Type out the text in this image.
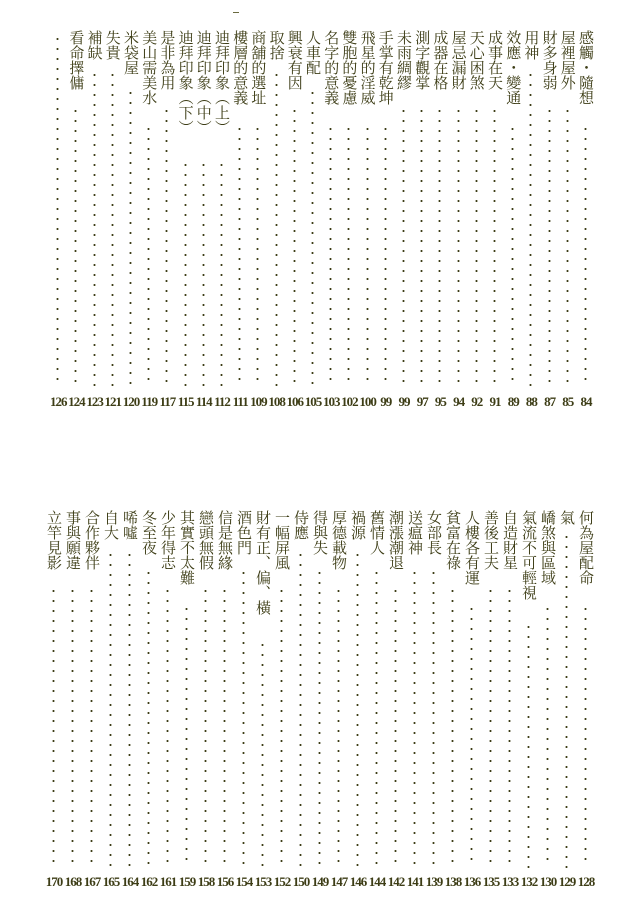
感觸・隨想
84
屋裡屋外
85
財多身弱
87
用神
88
效應・變通
89
成事在天
91
天心困煞
92
屋忌漏財
94
成器在格
95
測字觀掌
97
未雨綢繆
99
手掌有乾坤
99
飛星的淫威
100
雙胞的憂慮
102
名字的意義
103
人車配
105
興衰有因
106
取捨
108
商舖的選址
109
樓層的意義
111
迪拜印象（上）
112
迪拜印象（中）
114
迪拜印象（下）
115
是非為用
117
美山需美水
119
米袋屋
120
失貴
121
補缺
123
看命擇傭
124
126
何為屋配命
128
氣
129
嶠煞與區域
130
氣流不可輕視
132
自造財星
133
善後工夫
135
人樓各有運
136
貧富在祿
138
女部長
139
送瘟神
141
潮漲潮退
142
舊情人
144
禍源
146
厚德載物
147
得與失
149
侍應
150
一幅屏風
152
財有正、偏、橫
153
酒色門
154
信是無緣
156
戀頭無假
158
其實不太難
159
少年得志
161
冬至夜
162
唏噓
164
自大
165
合作夥伴
167
事與願違
168
立竿見影
170
